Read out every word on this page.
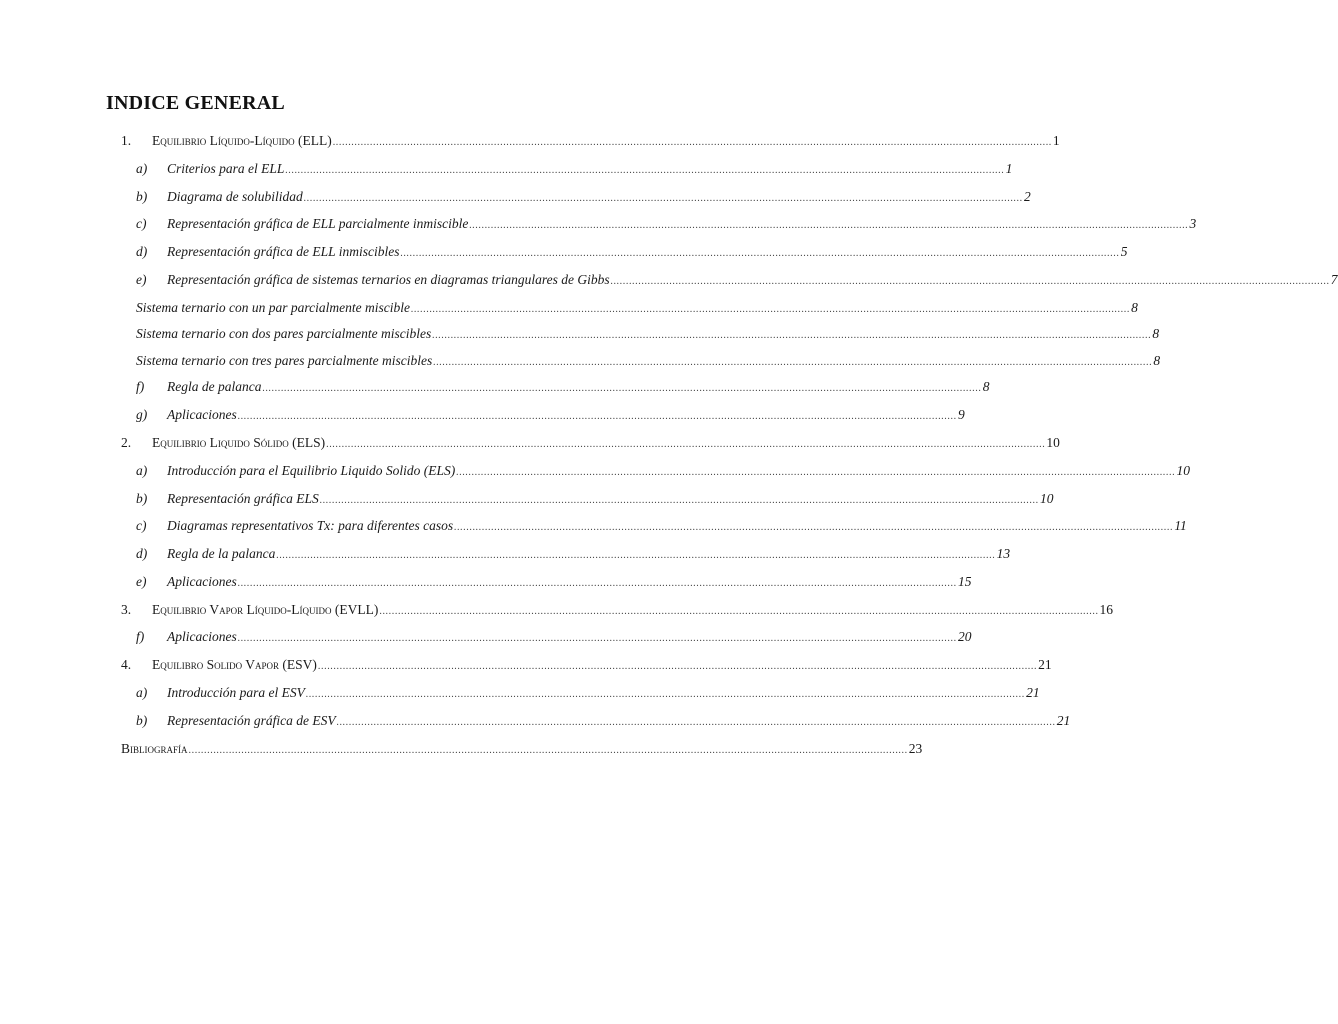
INDICE GENERAL
1.	Equilibrio Líquido-Líquido (ELL) .....	1
a)	Criterios para el ELL .....	1
b)	Diagrama de solubilidad .....	2
c)	Representación gráfica de ELL parcialmente inmiscible .....	3
d)	Representación gráfica de ELL inmiscibles .....	5
e)	Representación gráfica de sistemas ternarios en diagramas triangulares de Gibbs .....	7
Sistema ternario con un par parcialmente miscible .....	8
Sistema ternario con dos pares parcialmente miscibles .....	8
Sistema ternario con tres pares parcialmente miscibles .....	8
f)	Regla de palanca .....	8
g)	Aplicaciones .....	9
2.	Equilibrio Liquido Sólido (ELS) .....	10
a)	Introducción para el Equilibrio Liquido Solido (ELS) .....	10
b)	Representación gráfica ELS .....	10
c)	Diagramas representativos Tx: para diferentes casos .....	11
d)	Regla de la palanca .....	13
e)	Aplicaciones .....	15
3.	Equilibrio Vapor Líquido-Líquido (EVLL) .....	16
f)	Aplicaciones .....	20
4.	Equilibro Solido Vapor (ESV) .....	21
a)	Introducción para el ESV .....	21
b)	Representación gráfica de ESV .....	21
Bibliografía .....	23
